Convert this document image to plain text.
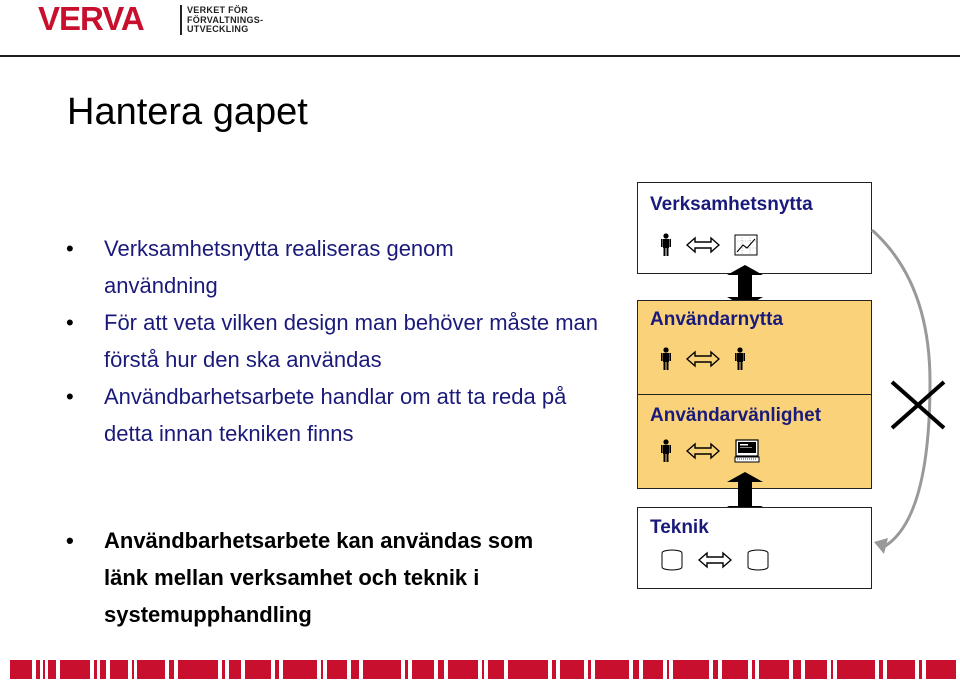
VERVA	VERKET FÖR
FÖRVALTNINGS-
UTVECKLING
Hantera gapet
• Verksamhetsnytta realiseras genom
användning
• För att veta vilken design man behöver måste man förstå hur den ska användas
• Användbarhetsarbete handlar om att ta reda på detta innan tekniken finns
• Användbarhetsarbete kan användas som länk mellan verksamhet och teknik i systemupphandling
Verksamhetsnytta
Användarnytta
Användarvänlighet
Teknik
